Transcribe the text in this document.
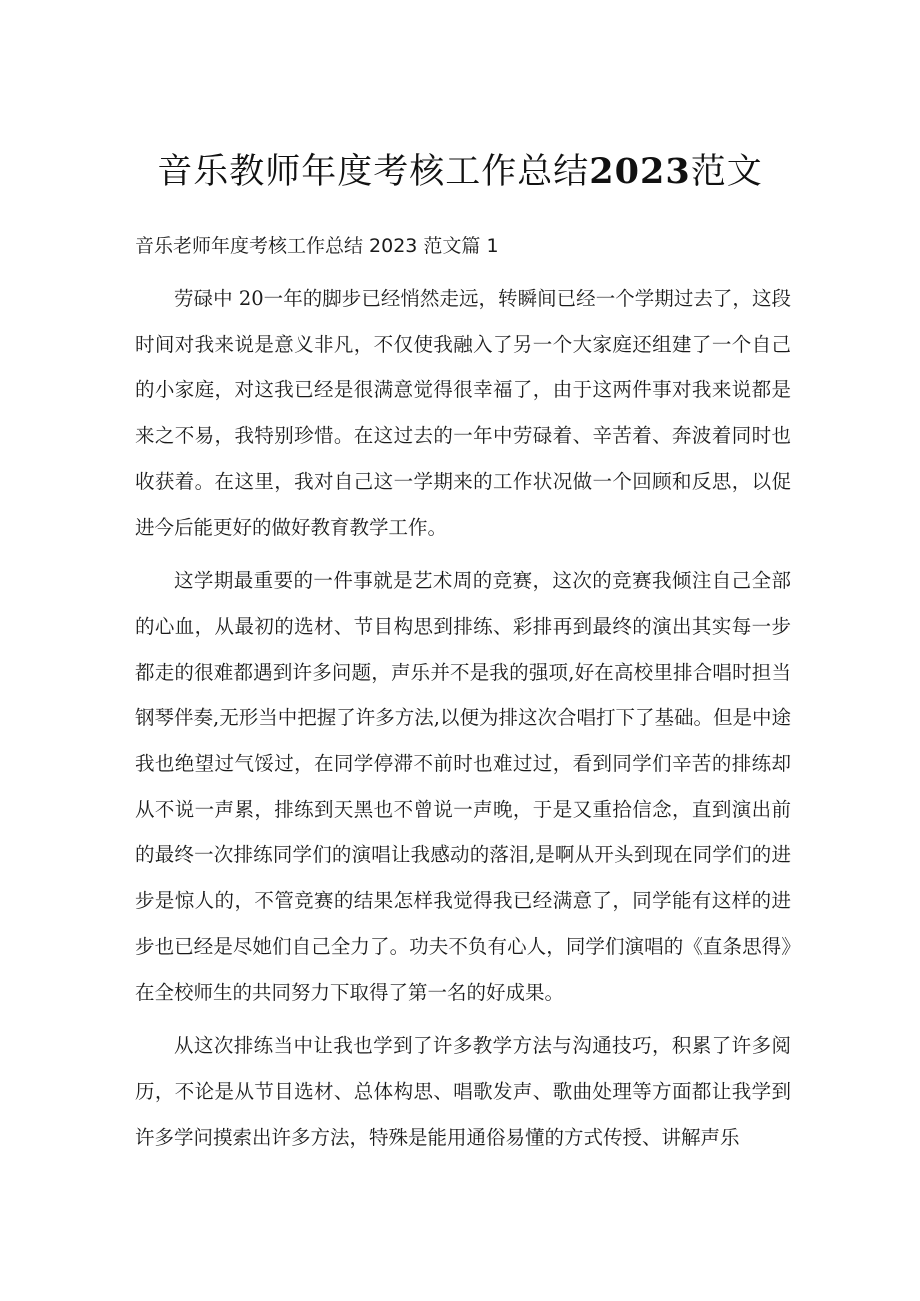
音乐教师年度考核工作总结2023范文
音乐老师年度考核工作总结 2023 范文篇 1

劳碌中 20一年的脚步已经悄然走远，转瞬间已经一个学期过去了，这段时间对我来说是意义非凡，不仅使我融入了另一个大家庭还组建了一个自己的小家庭，对这我已经是很满意觉得很幸福了，由于这两件事对我来说都是来之不易，我特别珍惜。在这过去的一年中劳碌着、辛苦着、奔波着同时也收获着。在这里，我对自己这一学期来的工作状况做一个回顾和反思，以促进今后能更好的做好教育教学工作。

这学期最重要的一件事就是艺术周的竞赛，这次的竞赛我倾注自己全部的心血，从最初的选材、节目构思到排练、彩排再到最终的演出其实每一步都走的很难都遇到许多问题，声乐并不是我的强项,好在高校里排合唱时担当钢琴伴奏,无形当中把握了许多方法,以便为排这次合唱打下了基础。但是中途我也绝望过气馁过，在同学停滞不前时也难过过，看到同学们辛苦的排练却从不说一声累，排练到天黑也不曾说一声晚，于是又重拾信念，直到演出前的最终一次排练同学们的演唱让我感动的落泪,是啊从开头到现在同学们的进步是惊人的，不管竞赛的结果怎样我觉得我已经满意了，同学能有这样的进步也已经是尽她们自己全力了。功夫不负有心人，同学们演唱的《直条思得》在全校师生的共同努力下取得了第一名的好成果。

从这次排练当中让我也学到了许多教学方法与沟通技巧，积累了许多阅历，不论是从节目选材、总体构思、唱歌发声、歌曲处理等方面都让我学到许多学问摸索出许多方法，特殊是能用通俗易懂的方式传授、讲解声乐
